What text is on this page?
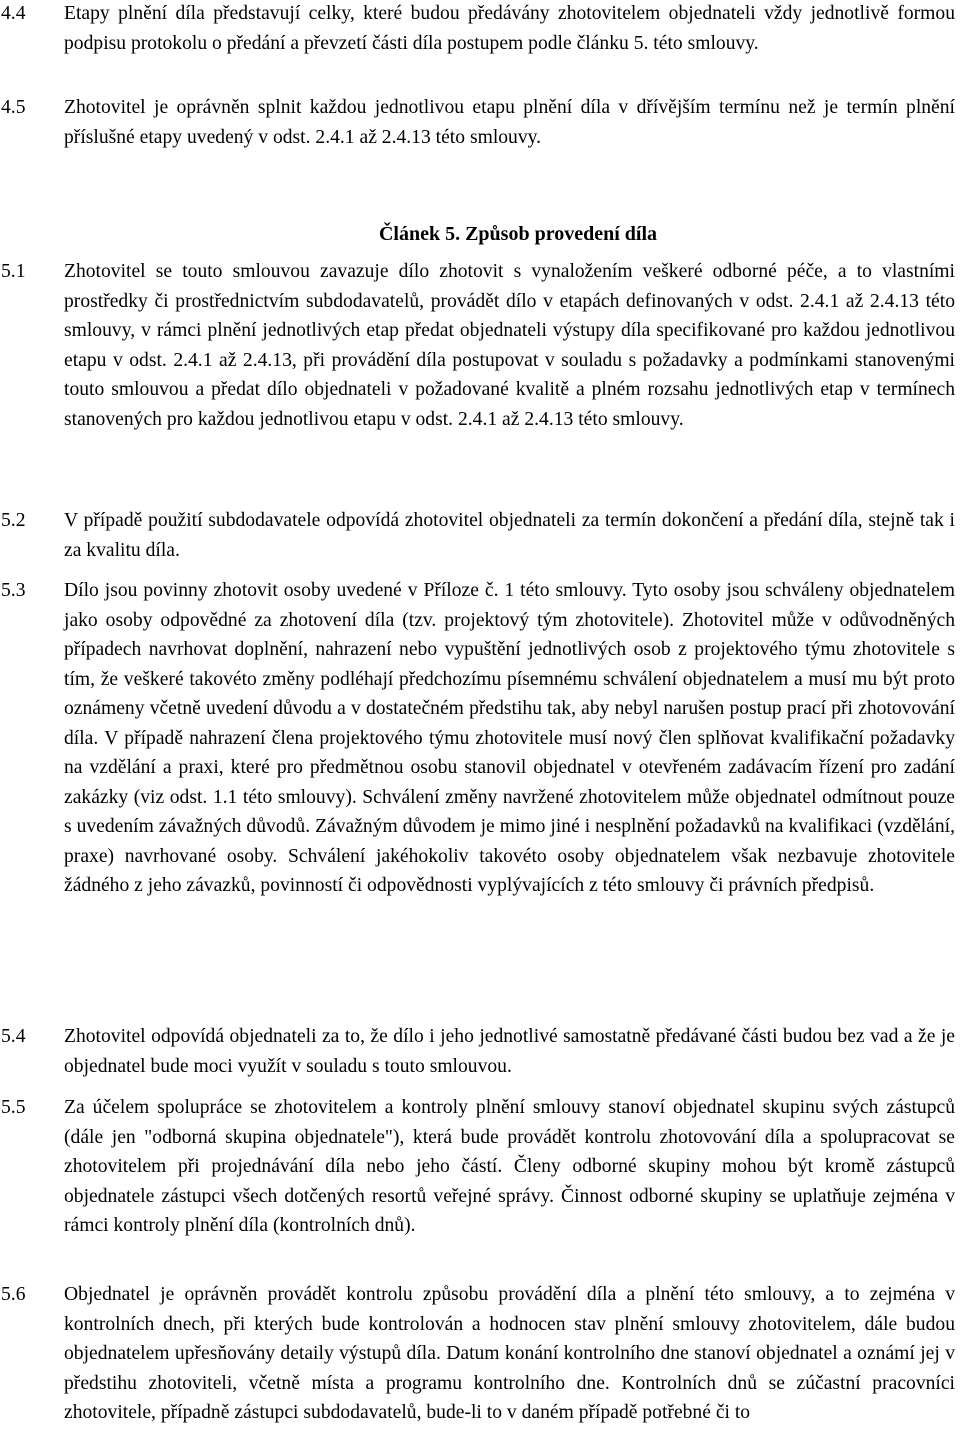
4.4	Etapy plnění díla představují celky, které budou předávány zhotovitelem objednateli vždy jednotlivě formou podpisu protokolu o předání a převzetí části díla postupem podle článku 5. této smlouvy.
4.5	Zhotovitel je oprávněn splnit každou jednotlivou etapu plnění díla v dřívějším termínu než je termín plnění příslušné etapy uvedený v odst. 2.4.1 až 2.4.13 této smlouvy.
Článek 5. Způsob provedení díla
5.1	Zhotovitel se touto smlouvou zavazuje dílo zhotovit s vynaložením veškeré odborné péče, a to vlastními prostředky či prostřednictvím subdodavatelů, provádět dílo v etapách definovaných v odst. 2.4.1 až 2.4.13 této smlouvy, v rámci plnění jednotlivých etap předat objednateli výstupy díla specifikované pro každou jednotlivou etapu v odst. 2.4.1 až 2.4.13, při provádění díla postupovat v souladu s požadavky a podmínkami stanovenými touto smlouvou a předat dílo objednateli v požadované kvalitě a plném rozsahu jednotlivých etap v termínech stanovených pro každou jednotlivou etapu v odst. 2.4.1 až 2.4.13 této smlouvy.
5.2	V případě použití subdodavatele odpovídá zhotovitel objednateli za termín dokončení a předání díla, stejně tak i za kvalitu díla.
5.3	Dílo jsou povinny zhotovit osoby uvedené v Příloze č. 1 této smlouvy. Tyto osoby jsou schváleny objednatelem jako osoby odpovědné za zhotovení díla (tzv. projektový tým zhotovitele). Zhotovitel může v odůvodněných případech navrhovat doplnění, nahrazení nebo vypuštění jednotlivých osob z projektového týmu zhotovitele s tím, že veškeré takovéto změny podléhají předchozímu písemnému schválení objednatelem a musí mu být proto oznámeny včetně uvedení důvodu a v dostatečném předstihu tak, aby nebyl narušen postup prací při zhotovování díla. V případě nahrazení člena projektového týmu zhotovitele musí nový člen splňovat kvalifikační požadavky na vzdělání a praxi, které pro předmětnou osobu stanovil objednatel v otevřeném zadávacím řízení pro zadání zakázky (viz odst. 1.1 této smlouvy). Schválení změny navržené zhotovitelem může objednatel odmítnout pouze s uvedením závažných důvodů. Závažným důvodem je mimo jiné i nesplnění požadavků na kvalifikaci (vzdělání, praxe) navrhované osoby. Schválení jakéhokoliv takovéto osoby objednatelem však nezbavuje zhotovitele žádného z jeho závazků, povinností či odpovědnosti vyplývajících z této smlouvy či právních předpisů.
5.4	Zhotovitel odpovídá objednateli za to, že dílo i jeho jednotlivé samostatně předávané části budou bez vad a že je objednatel bude moci využít v souladu s touto smlouvou.
5.5	Za účelem spolupráce se zhotovitelem a kontroly plnění smlouvy stanoví objednatel skupinu svých zástupců (dále jen "odborná skupina objednatele"), která bude provádět kontrolu zhotovování díla a spolupracovat se zhotovitelem při projednávání díla nebo jeho částí. Členy odborné skupiny mohou být kromě zástupců objednatele zástupci všech dotčených resortů veřejné správy. Činnost odborné skupiny se uplatňuje zejména v rámci kontroly plnění díla (kontrolních dnů).
5.6	Objednatel je oprávněn provádět kontrolu způsobu provádění díla a plnění této smlouvy, a to zejména v kontrolních dnech, při kterých bude kontrolován a hodnocen stav plnění smlouvy zhotovitelem, dále budou objednatelem upřesňovány detaily výstupů díla. Datum konání kontrolního dne stanoví objednatel a oznámí jej v předstihu zhotoviteli, včetně místa a programu kontrolního dne. Kontrolních dnů se zúčastní pracovníci zhotovitele, případně zástupci subdodavatelů, bude-li to v daném případě potřebné či to
